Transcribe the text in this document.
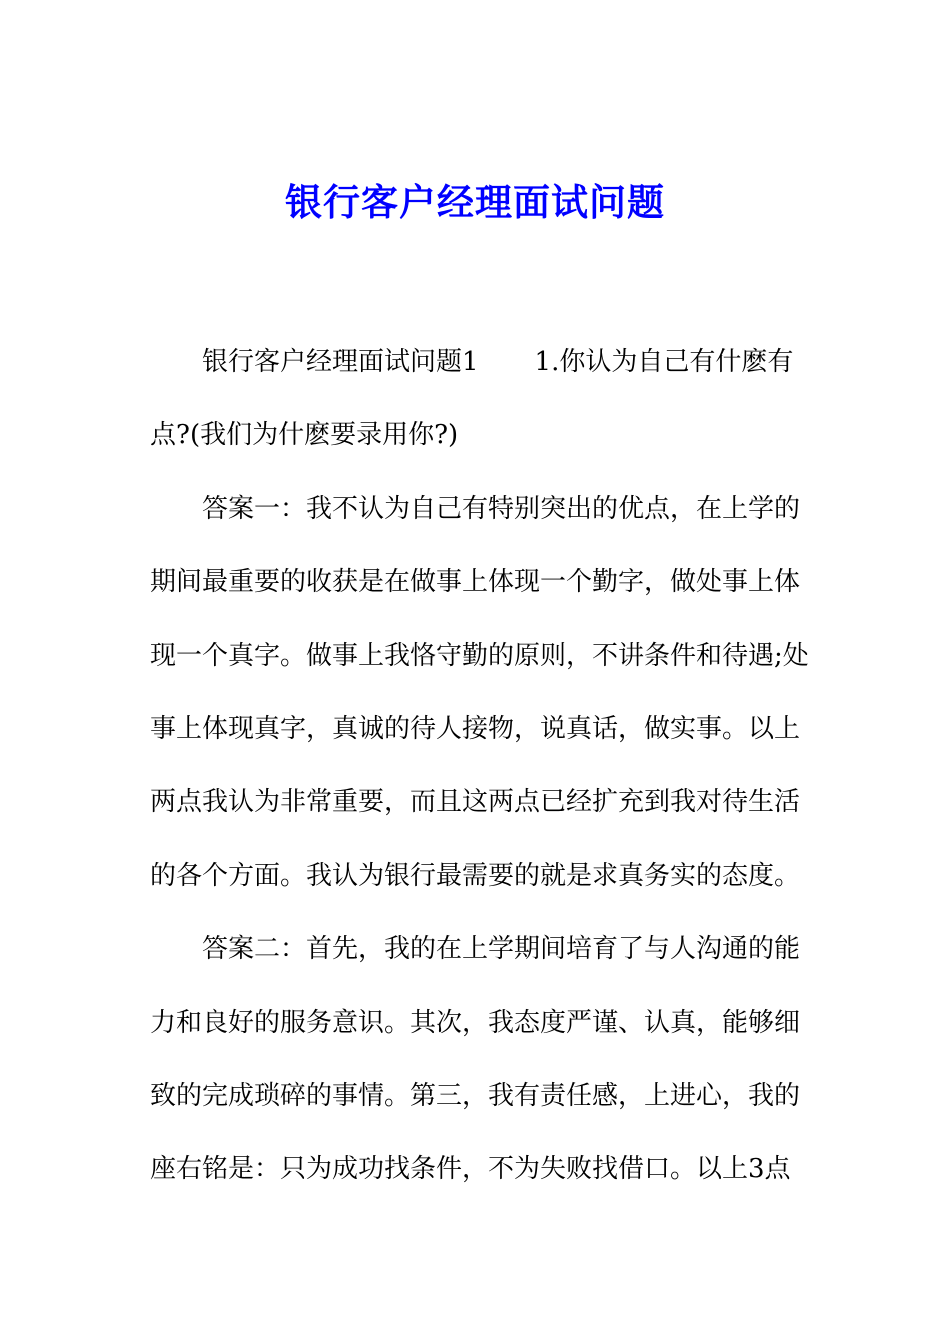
银行客户经理面试问题
银行客户经理面试问题1 1.你认为自己有什麽有
点?(我们为什麽要录用你?)
答案一：我不认为自己有特别突出的优点，在上学的
期间最重要的收获是在做事上体现一个勤字，做处事上体
现一个真字。做事上我恪守勤的原则，不讲条件和待遇;处
事上体现真字，真诚的待人接物，说真话，做实事。以上
两点我认为非常重要，而且这两点已经扩充到我对待生活
的各个方面。我认为银行最需要的就是求真务实的态度。
答案二：首先，我的在上学期间培育了与人沟通的能
力和良好的服务意识。其次，我态度严谨、认真，能够细
致的完成琐碎的事情。第三，我有责任感，上进心，我的
座右铭是：只为成功找条件，不为失败找借口。以上3点
